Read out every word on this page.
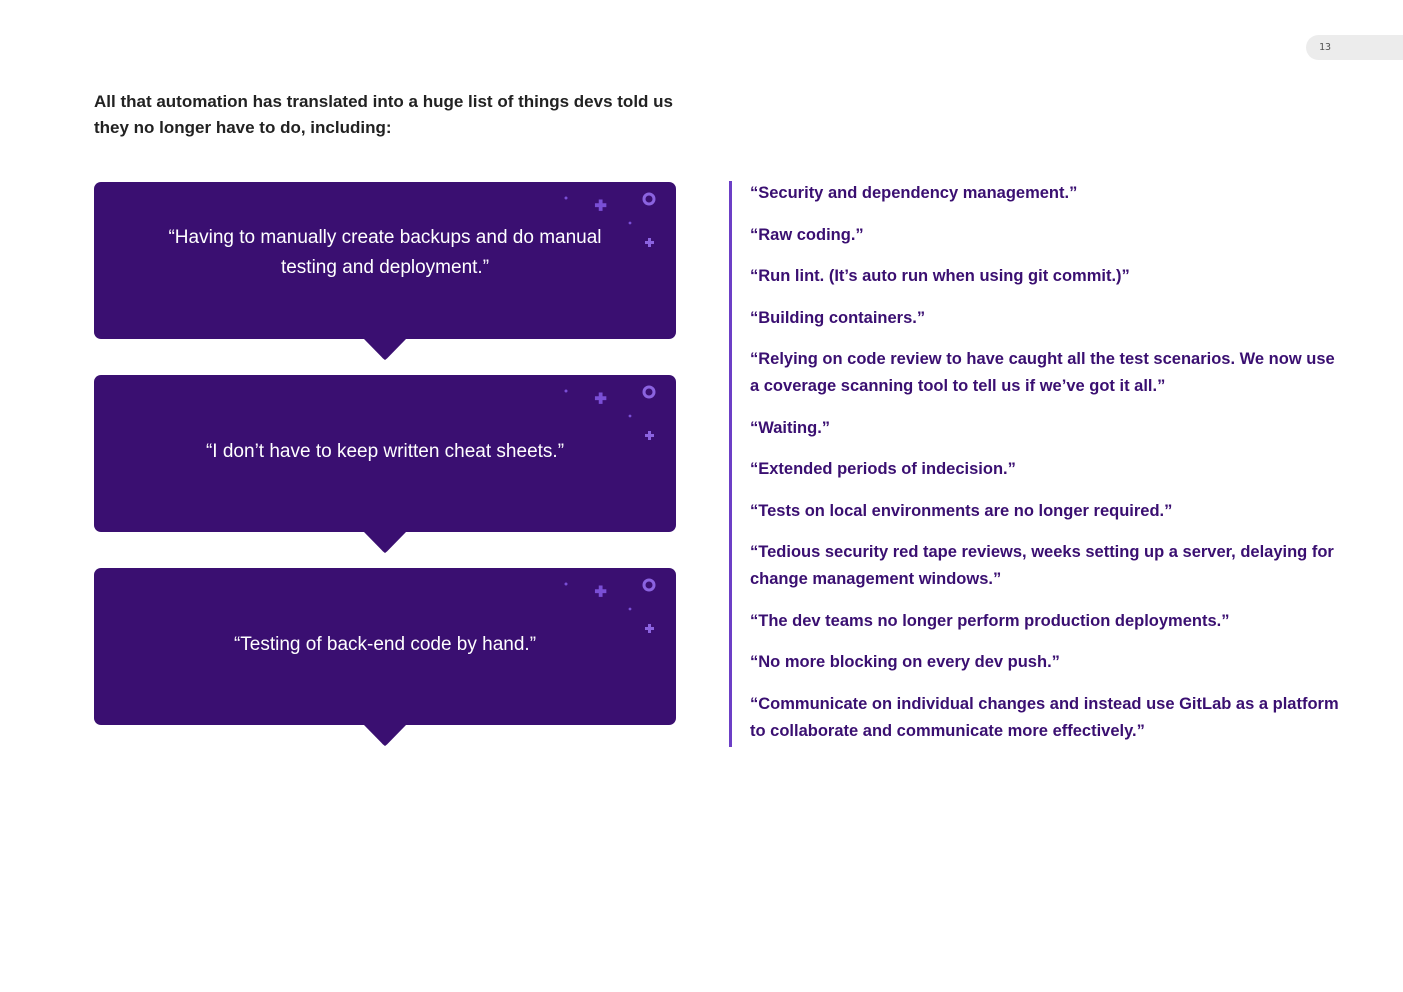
13

All that automation has translated into a huge list of things devs told us they no longer have to do, including:

“Having to manually create backups and do manual testing and deployment.”
“I don’t have to keep written cheat sheets.”
“Testing of back-end code by hand.”
“Security and dependency management.”
“Raw coding.”
“Run lint. (It’s auto run when using git commit.)”
“Building containers.”
“Relying on code review to have caught all the test scenarios. We now use a coverage scanning tool to tell us if we’ve got it all.”
“Waiting.”
“Extended periods of indecision.”
“Tests on local environments are no longer required.”
“Tedious security red tape reviews, weeks setting up a server, delaying for change management windows.”
“The dev teams no longer perform production deployments.”
“No more blocking on every dev push.”
“Communicate on individual changes and instead use GitLab as a platform to collaborate and communicate more effectively.”
